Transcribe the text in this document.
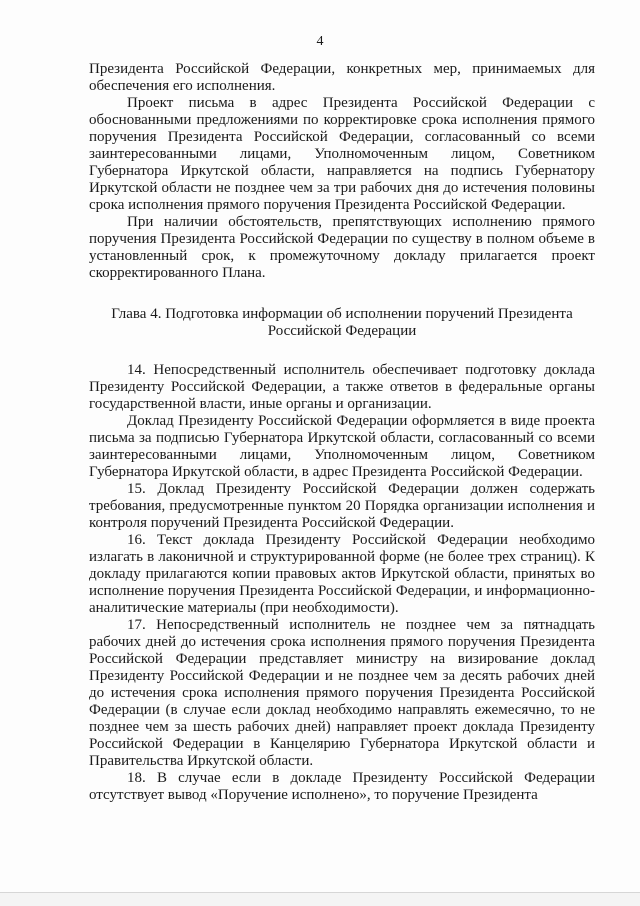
4

Президента Российской Федерации, конкретных мер, принимаемых для обеспечения его исполнения.

Проект письма в адрес Президента Российской Федерации с обоснованными предложениями по корректировке срока исполнения прямого поручения Президента Российской Федерации, согласованный со всеми заинтересованными лицами, Уполномоченным лицом, Советником Губернатора Иркутской области, направляется на подпись Губернатору Иркутской области не позднее чем за три рабочих дня до истечения половины срока исполнения прямого поручения Президента Российской Федерации.

При наличии обстоятельств, препятствующих исполнению прямого поручения Президента Российской Федерации по существу в полном объеме в установленный срок, к промежуточному докладу прилагается проект скорректированного Плана.

Глава 4. Подготовка информации об исполнении поручений Президента
Российской Федерации

14. Непосредственный исполнитель обеспечивает подготовку доклада Президенту Российской Федерации, а также ответов в федеральные органы государственной власти, иные органы и организации.

Доклад Президенту Российской Федерации оформляется в виде проекта письма за подписью Губернатора Иркутской области, согласованный со всеми заинтересованными лицами, Уполномоченным лицом, Советником Губернатора Иркутской области, в адрес Президента Российской Федерации.

15. Доклад Президенту Российской Федерации должен содержать требования, предусмотренные пунктом 20 Порядка организации исполнения и контроля поручений Президента Российской Федерации.

16. Текст доклада Президенту Российской Федерации необходимо излагать в лаконичной и структурированной форме (не более трех страниц). К докладу прилагаются копии правовых актов Иркутской области, принятых во исполнение поручения Президента Российской Федерации, и информационно-аналитические материалы (при необходимости).

17. Непосредственный исполнитель не позднее чем за пятнадцать рабочих дней до истечения срока исполнения прямого поручения Президента Российской Федерации представляет министру на визирование доклад Президенту Российской Федерации и не позднее чем за десять рабочих дней до истечения срока исполнения прямого поручения Президента Российской Федерации (в случае если доклад необходимо направлять ежемесячно, то не позднее чем за шесть рабочих дней) направляет проект доклада Президенту Российской Федерации в Канцелярию Губернатора Иркутской области и Правительства Иркутской области.

18. В случае если в докладе Президенту Российской Федерации отсутствует вывод «Поручение исполнено», то поручение Президента
